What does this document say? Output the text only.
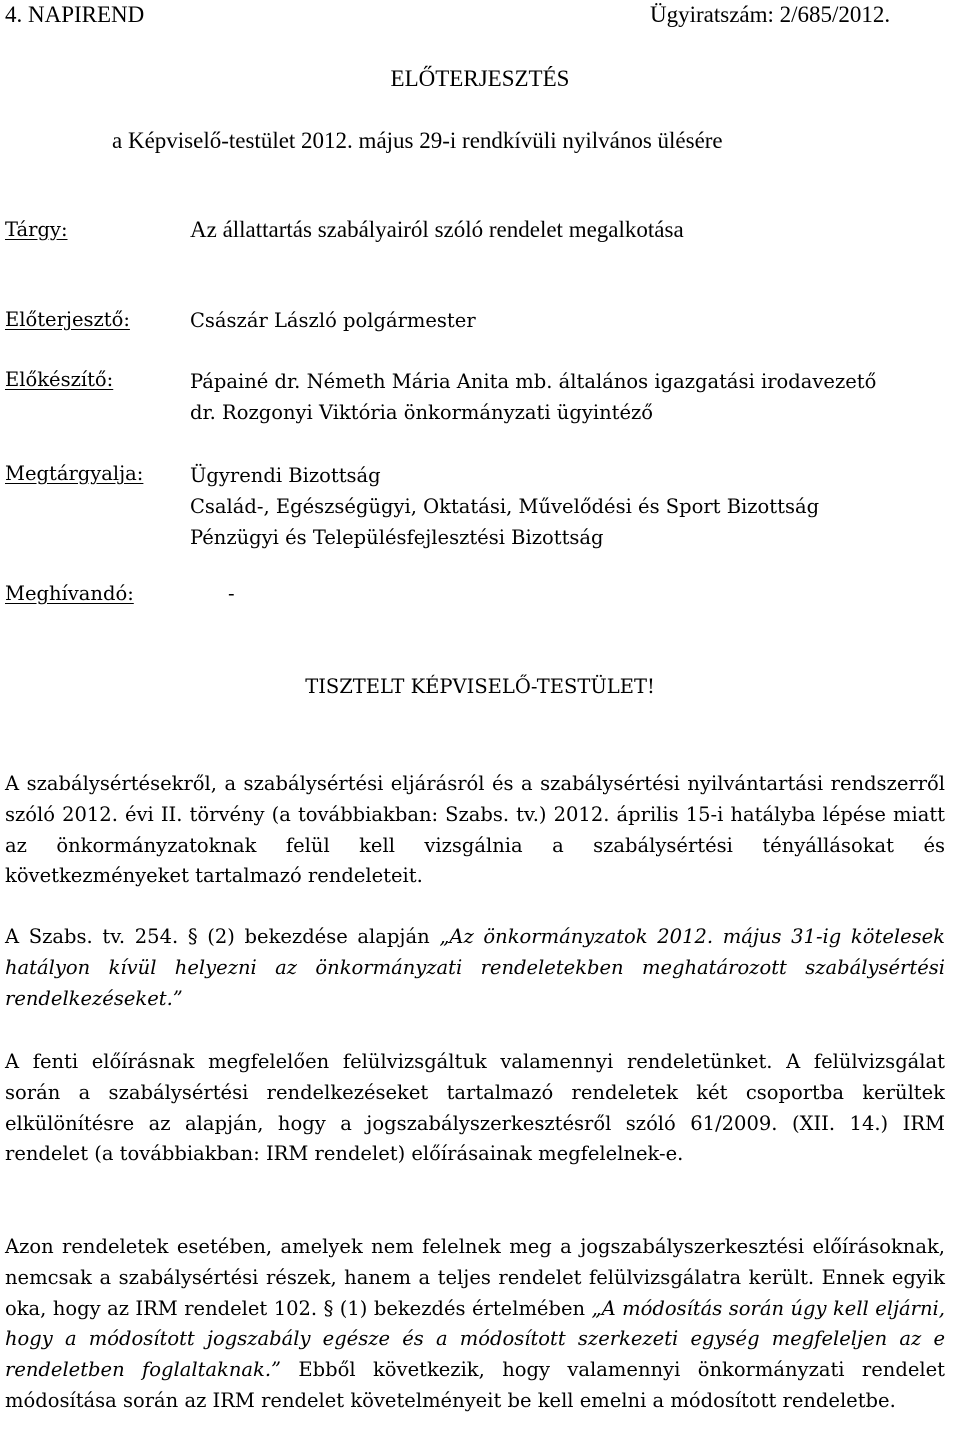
4. NAPIREND	Ügyiratszám: 2/685/2012.
ELŐTERJESZTÉS
a Képviselő-testület 2012. május 29-i rendkívüli nyilvános ülésére
Tárgy:	Az állattartás szabályairól szóló rendelet megalkotása
Előterjesztő:	Császár László polgármester
Előkészítő:	Pápainé dr. Németh Mária Anita mb. általános igazgatási irodavezető
dr. Rozgonyi Viktória önkormányzati ügyintéző
Megtárgyalja: Ügyrendi Bizottság
Család-, Egészségügyi, Oktatási, Művelődési és Sport Bizottság
Pénzügyi és Településfejlesztési Bizottság
Meghívandó:	-
TISZTELT KÉPVISELŐ-TESTÜLET!
A szabálysértésekről, a szabálysértési eljárásról és a szabálysértési nyilvántartási rendszerről szóló 2012. évi II. törvény (a továbbiakban: Szabs. tv.) 2012. április 15-i hatályba lépése miatt az önkormányzatoknak felül kell vizsgálnia a szabálysértési tényállásokat és következményeket tartalmazó rendeleteit.
A Szabs. tv. 254. § (2) bekezdése alapján „Az önkormányzatok 2012. május 31-ig kötelesek hatályon kívül helyezni az önkormányzati rendeletekben meghatározott szabálysértési rendelkezéseket.”
A fenti előírásnak megfelelően felülvizsgáltuk valamennyi rendeletünket. A felülvizsgálat során a szabálysértési rendelkezéseket tartalmazó rendeletek két csoportba kerültek elkülönítésre az alapján, hogy a jogszabályszerkesztésről szóló 61/2009. (XII. 14.) IRM rendelet (a továbbiakban: IRM rendelet) előírásainak megfelelnek-e.
Azon rendeletek esetében, amelyek nem felelnek meg a jogszabályszerkesztési előírásoknak, nemcsak a szabálysértési részek, hanem a teljes rendelet felülvizsgálatra került. Ennek egyik oka, hogy az IRM rendelet 102. § (1) bekezdés értelmében „A módosítás során úgy kell eljárni, hogy a módosított jogszabály egésze és a módosított szerkezeti egység megfeleljen az e rendeletben foglaltaknak.” Ebből következik, hogy valamennyi önkormányzati rendelet módosítása során az IRM rendelet követelményeit be kell emelni a módosított rendeletbe.
